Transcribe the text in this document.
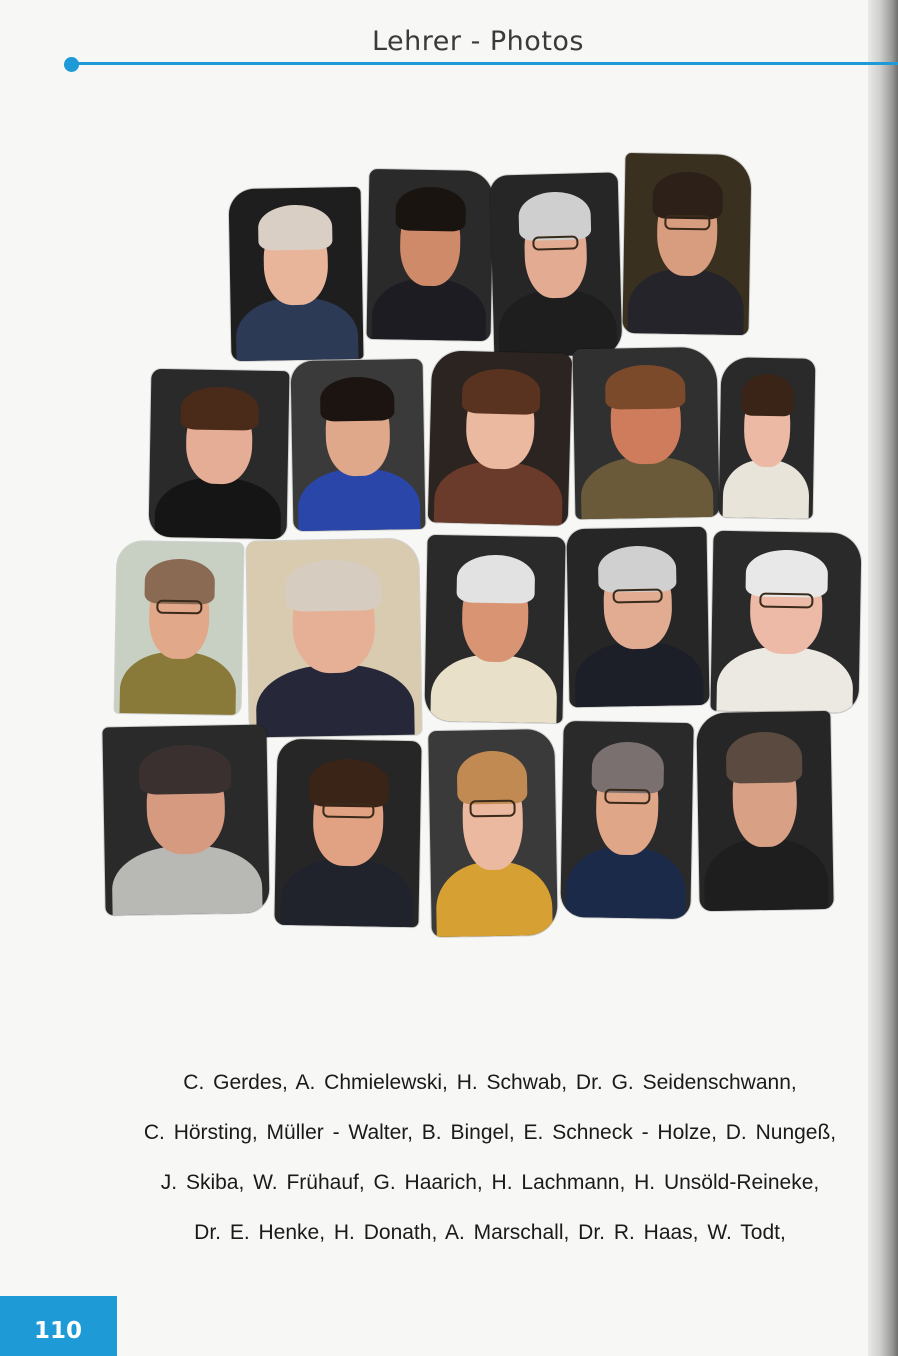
Lehrer - Photos
C. Gerdes, A. Chmielewski, H. Schwab, Dr. G. Seidenschwann,
C. Hörsting, Müller - Walter, B. Bingel, E. Schneck - Holze, D. Nungeß,
J. Skiba, W. Frühauf, G. Haarich, H. Lachmann, H. Unsöld-Reineke,
Dr. E. Henke, H. Donath, A. Marschall, Dr. R. Haas, W. Todt,
110
